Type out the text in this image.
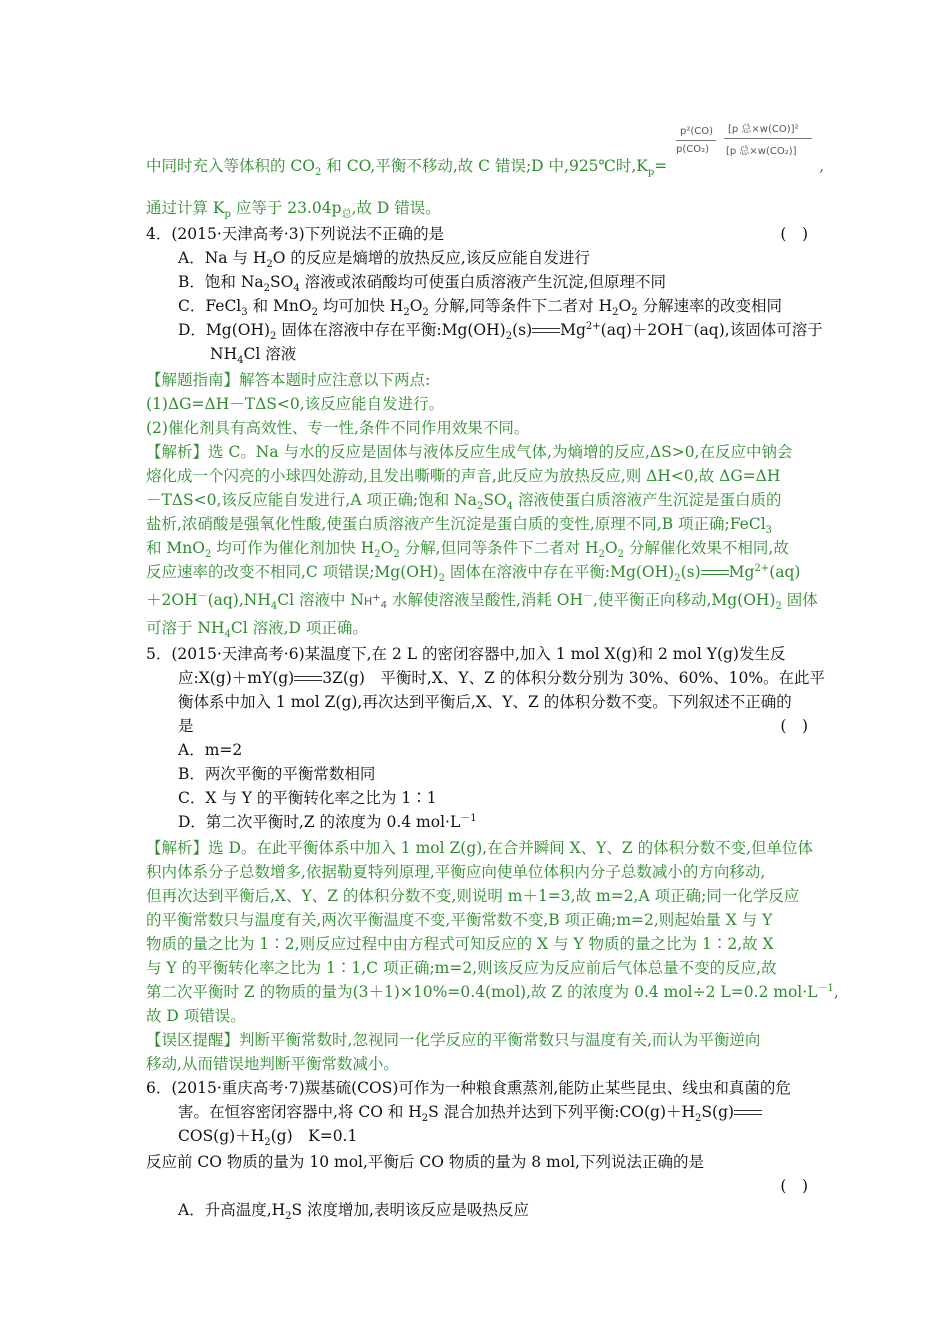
p²(CO)
p(CO₂)
[p 总×w(CO)]²
[p 总×w(CO₂)]
中同时充入等体积的 $CO_2$ 和 CO,平衡不移动,故 C 错误;D 中,925℃时$,K_p=$	,
通过计算 $K_p$ 应等于 $23.04p_总$,故 D 错误。
4．(2015·天津高考·3)下列说法不正确的是	(　)
A．Na 与 $H_2O$ 的反应是熵增的放热反应,该反应能自发进行
B．饱和 $Na_2SO_4$ 溶液或浓硝酸均可使蛋白质溶液产生沉淀,但原理不同
C．FeCl$_3$ 和 MnO$_2$ 均可加快 $H_2O_2$ 分解,同等条件下二者对 $H_2O_2$ 分解速率的改变相同
D．$Mg(OH)_2$ 固体在溶液中存在平衡$:Mg(OH)_2(s)$ $Mg^{2+}(aq)+2OH^-(aq)$,该固体可溶于
$NH_4Cl$ 溶液
【解题指南】解答本题时应注意以下两点:
(1)ΔG=ΔH－TΔS<0,该反应能自发进行。
(2)催化剂具有高效性、专一性,条件不同作用效果不同。
【解析】选 C。Na 与水的反应是固体与液体反应生成气体,为熵增的反应,ΔS>0,在反应中钠会
熔化成一个闪亮的小球四处游动,且发出嘶嘶的声音,此反应为放热反应,则 ΔH<0,故 ΔG=ΔH
－TΔS<0,该反应能自发进行,A 项正确;饱和 $Na_2SO_4$ 溶液使蛋白质溶液产生沉淀是蛋白质的
盐析,浓硝酸是强氧化性酸,使蛋白质溶液产生沉淀是蛋白质的变性,原理不同,B 项正确;FeCl$_3$
和 MnO$_2$ 均可作为催化剂加快 $H_2O_2$ 分解,但同等条件下二者对 $H_2O_2$ 分解催化效果不相同,故
反应速率的改变不相同,C 项错误$;Mg(OH)_2$ 固体在溶液中存在平衡$:Mg(OH)_2(s)$ $Mg^{2+}(aq)$
$+2OH^-(aq),NH_4Cl$ 溶液中 $NH^+_4$ 水解使溶液呈酸性,消耗 OH－,使平衡正向移动$,Mg(OH)_2$ 固体
可溶于 $NH_4Cl$ 溶液,D 项正确。
5．(2015·天津高考·6)某温度下,在 2 L 的密闭容器中,加入 1 mol X(g)和 2 mol Y(g)发生反
应:X(g)＋mY(g) 3Z(g)　平衡时,X、Y、Z 的体积分数分别为 30%、60%、10%。在此平
衡体系中加入 1 mol Z(g),再次达到平衡后,X、Y、Z 的体积分数不变。下列叙述不正确的
是	(　)
A．m=2
B．两次平衡的平衡常数相同
C．X 与 Y 的平衡转化率之比为 1∶1
D．第二次平衡时,Z 的浓度为 0.4 $mol\cdot L^{-1}$
【解析】选 D。在此平衡体系中加入 1 mol Z(g),在合并瞬间 X、Y、Z 的体积分数不变,但单位体
积内体系分子总数增多,依据勒夏特列原理,平衡应向使单位体积内分子总数减小的方向移动,
但再次达到平衡后,X、Y、Z 的体积分数不变,则说明 m＋1=3,故 m=2,A 项正确;同一化学反应
的平衡常数只与温度有关,两次平衡温度不变,平衡常数不变,B 项正确;m=2,则起始量 X 与 Y
物质的量之比为 1∶2,则反应过程中由方程式可知反应的 X 与 Y 物质的量之比为 1∶2,故 X
与 Y 的平衡转化率之比为 1∶1,C 项正确;m=2,则该反应为反应前后气体总量不变的反应,故
第二次平衡时 Z 的物质的量为(3＋1)×10%=0.4(mol),故 Z 的浓度为 0.4 mol÷2 L=0.2 $mol\cdot L^{-1}$,
故 D 项错误。
【误区提醒】判断平衡常数时,忽视同一化学反应的平衡常数只与温度有关,而认为平衡逆向
移动,从而错误地判断平衡常数减小。
6．(2015·重庆高考·7)羰基硫(COS)可作为一种粮食熏蒸剂,能防止某些昆虫、线虫和真菌的危
害。在恒容密闭容器中,将 CO 和 $H_2S$ 混合加热并达到下列平衡$:CO(g)+H_2S(g)$
$COS(g)+H_2(g)$　K=0.1
反应前 CO 物质的量为 10 mol,平衡后 CO 物质的量为 8 mol,下列说法正确的是
(　)
A．升高温度$,H_2S$ 浓度增加,表明该反应是吸热反应
